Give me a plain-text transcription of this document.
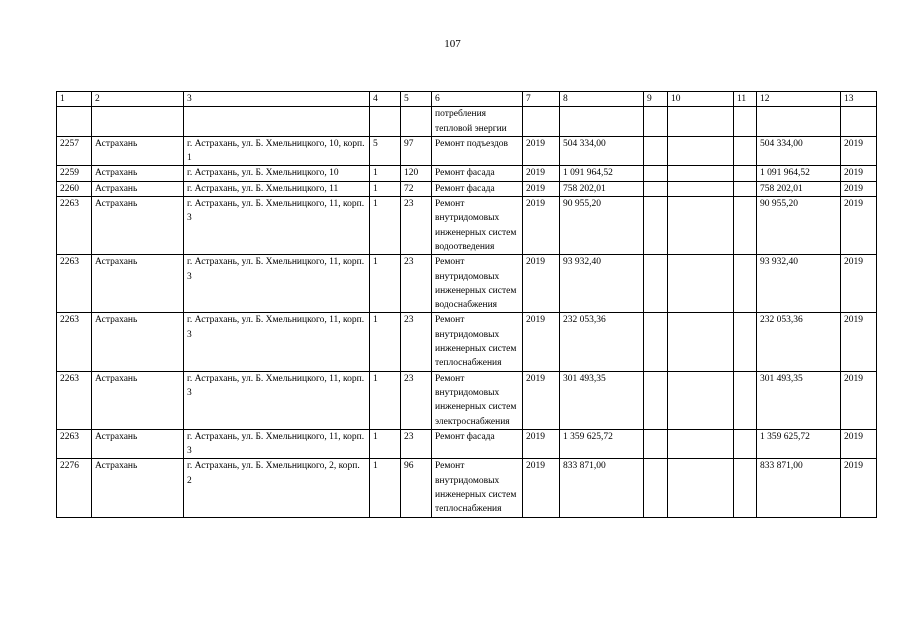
107
1	2	3	4	5	6	7	8	9	10	11	12	13
					потребления тепловой энергии							
2257	Астрахань	г. Астрахань, ул. Б. Хмельницкого, 10, корп. 1	5	97	Ремонт подъездов	2019	504 334,00				504 334,00	2019
2259	Астрахань	г. Астрахань, ул. Б. Хмельницкого, 10	1	120	Ремонт фасада	2019	1 091 964,52				1 091 964,52	2019
2260	Астрахань	г. Астрахань, ул. Б. Хмельницкого, 11	1	72	Ремонт фасада	2019	758 202,01				758 202,01	2019
2263	Астрахань	г. Астрахань, ул. Б. Хмельницкого, 11, корп. 3	1	23	Ремонт внутридомовых инженерных систем водоотведения	2019	90 955,20				90 955,20	2019
2263	Астрахань	г. Астрахань, ул. Б. Хмельницкого, 11, корп. 3	1	23	Ремонт внутридомовых инженерных систем водоснабжения	2019	93 932,40				93 932,40	2019
2263	Астрахань	г. Астрахань, ул. Б. Хмельницкого, 11, корп. 3	1	23	Ремонт внутридомовых инженерных систем теплоснабжения	2019	232 053,36				232 053,36	2019
2263	Астрахань	г. Астрахань, ул. Б. Хмельницкого, 11, корп. 3	1	23	Ремонт внутридомовых инженерных систем электроснабжения	2019	301 493,35				301 493,35	2019
2263	Астрахань	г. Астрахань, ул. Б. Хмельницкого, 11, корп. 3	1	23	Ремонт фасада	2019	1 359 625,72				1 359 625,72	2019
2276	Астрахань	г. Астрахань, ул. Б. Хмельницкого, 2, корп. 2	1	96	Ремонт внутридомовых инженерных систем теплоснабжения	2019	833 871,00				833 871,00	2019
